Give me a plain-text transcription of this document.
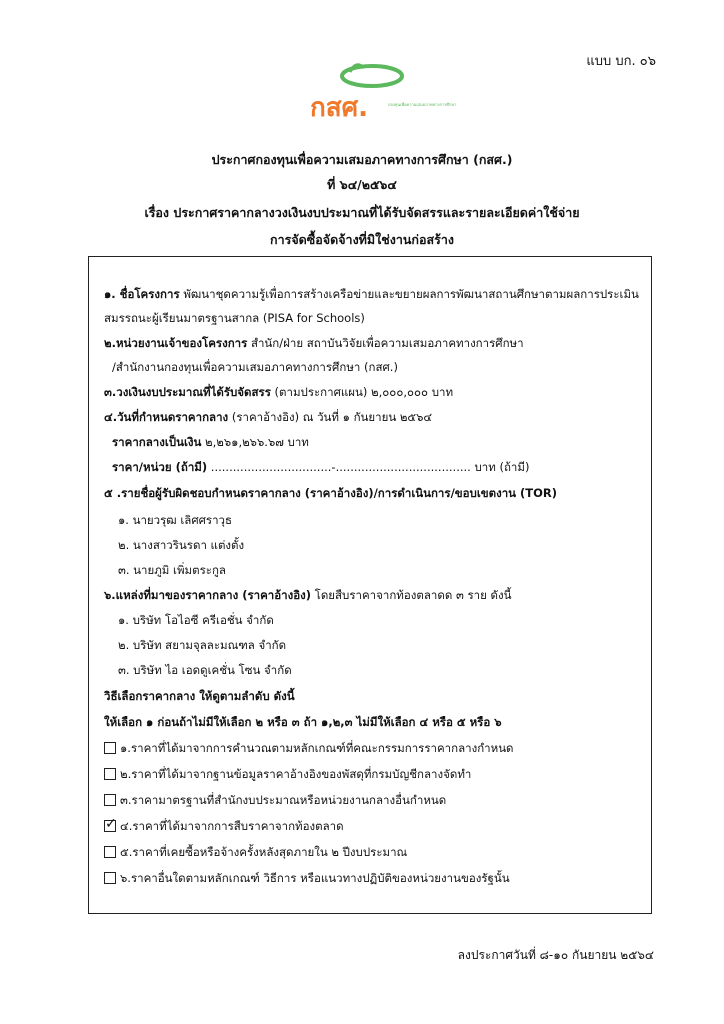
แบบ บก. ๐๖
กสศ.	กองทุนเพื่อความเสมอภาคทางการศึกษา
ประกาศกองทุนเพื่อความเสมอภาคทางการศึกษา (กสศ.)
ที่ ๖๔/๒๕๖๔
เรื่อง ประกาศราคากลางวงเงินงบประมาณที่ได้รับจัดสรรและรายละเอียดค่าใช้จ่าย
การจัดซื้อจัดจ้างที่มิใช่งานก่อสร้าง
๑. ชื่อโครงการ พัฒนาชุดความรู้เพื่อการสร้างเครือข่ายและขยายผลการพัฒนาสถานศึกษาตามผลการประเมิน
สมรรถนะผู้เรียนมาตรฐานสากล (PISA for Schools)
๒.หน่วยงานเจ้าของโครงการ สำนัก/ฝ่าย สถาบันวิจัยเพื่อความเสมอภาคทางการศึกษา
/สำนักงานกองทุนเพื่อความเสมอภาคทางการศึกษา (กสศ.)
๓.วงเงินงบประมาณที่ได้รับจัดสรร (ตามประกาศแผน) ๒,๐๐๐,๐๐๐ บาท
๔.วันที่กำหนดราคากลาง (ราคาอ้างอิง) ณ วันที่ ๑ กันยายน ๒๕๖๔
ราคากลางเป็นเงิน ๒,๒๖๑,๒๖๖.๖๗ บาท
ราคา/หน่วย (ถ้ามี) .................................-..................................... บาท (ถ้ามี)
๕ .รายชื่อผู้รับผิดชอบกำหนดราคากลาง (ราคาอ้างอิง)/การดำเนินการ/ขอบเขตงาน (TOR)
๑. นายวรุฒ เลิศศราวุธ
๒. นางสาวรินรดา แต่งตั้ง
๓. นายภูมิ เพิ่มตระกูล
๖.แหล่งที่มาของราคากลาง (ราคาอ้างอิง) โดยสืบราคาจากท้องตลาดด ๓ ราย ดังนี้
๑. บริษัท โอไอซี ครีเอชั่น จำกัด
๒. บริษัท สยามจุลละมณฑล จำกัด
๓. บริษัท ไอ เอดดูเคชั่น โซน จำกัด
วิธีเลือกราคากลาง ให้ดูตามลำดับ ดังนี้
ให้เลือก ๑ ก่อนถ้าไม่มีให้เลือก ๒ หรือ ๓ ถ้า ๑,๒,๓ ไม่มีให้เลือก ๔ หรือ ๕ หรือ ๖
๑.ราคาที่ได้มาจากการคำนวณตามหลักเกณฑ์ที่คณะกรรมการราคากลางกำหนด
๒.ราคาที่ได้มาจากฐานข้อมูลราคาอ้างอิงของพัสดุที่กรมบัญชีกลางจัดทำ
๓.ราคามาตรฐานที่สำนักงบประมาณหรือหน่วยงานกลางอื่นกำหนด
✓๔.ราคาที่ได้มาจากการสืบราคาจากท้องตลาด
๕.ราคาที่เคยซื้อหรือจ้างครั้งหลังสุดภายใน ๒ ปีงบประมาณ
๖.ราคาอื่นใดตามหลักเกณฑ์ วิธีการ หรือแนวทางปฏิบัติของหน่วยงานของรัฐนั้น
ลงประกาศวันที่ ๘-๑๐ กันยายน ๒๕๖๔
